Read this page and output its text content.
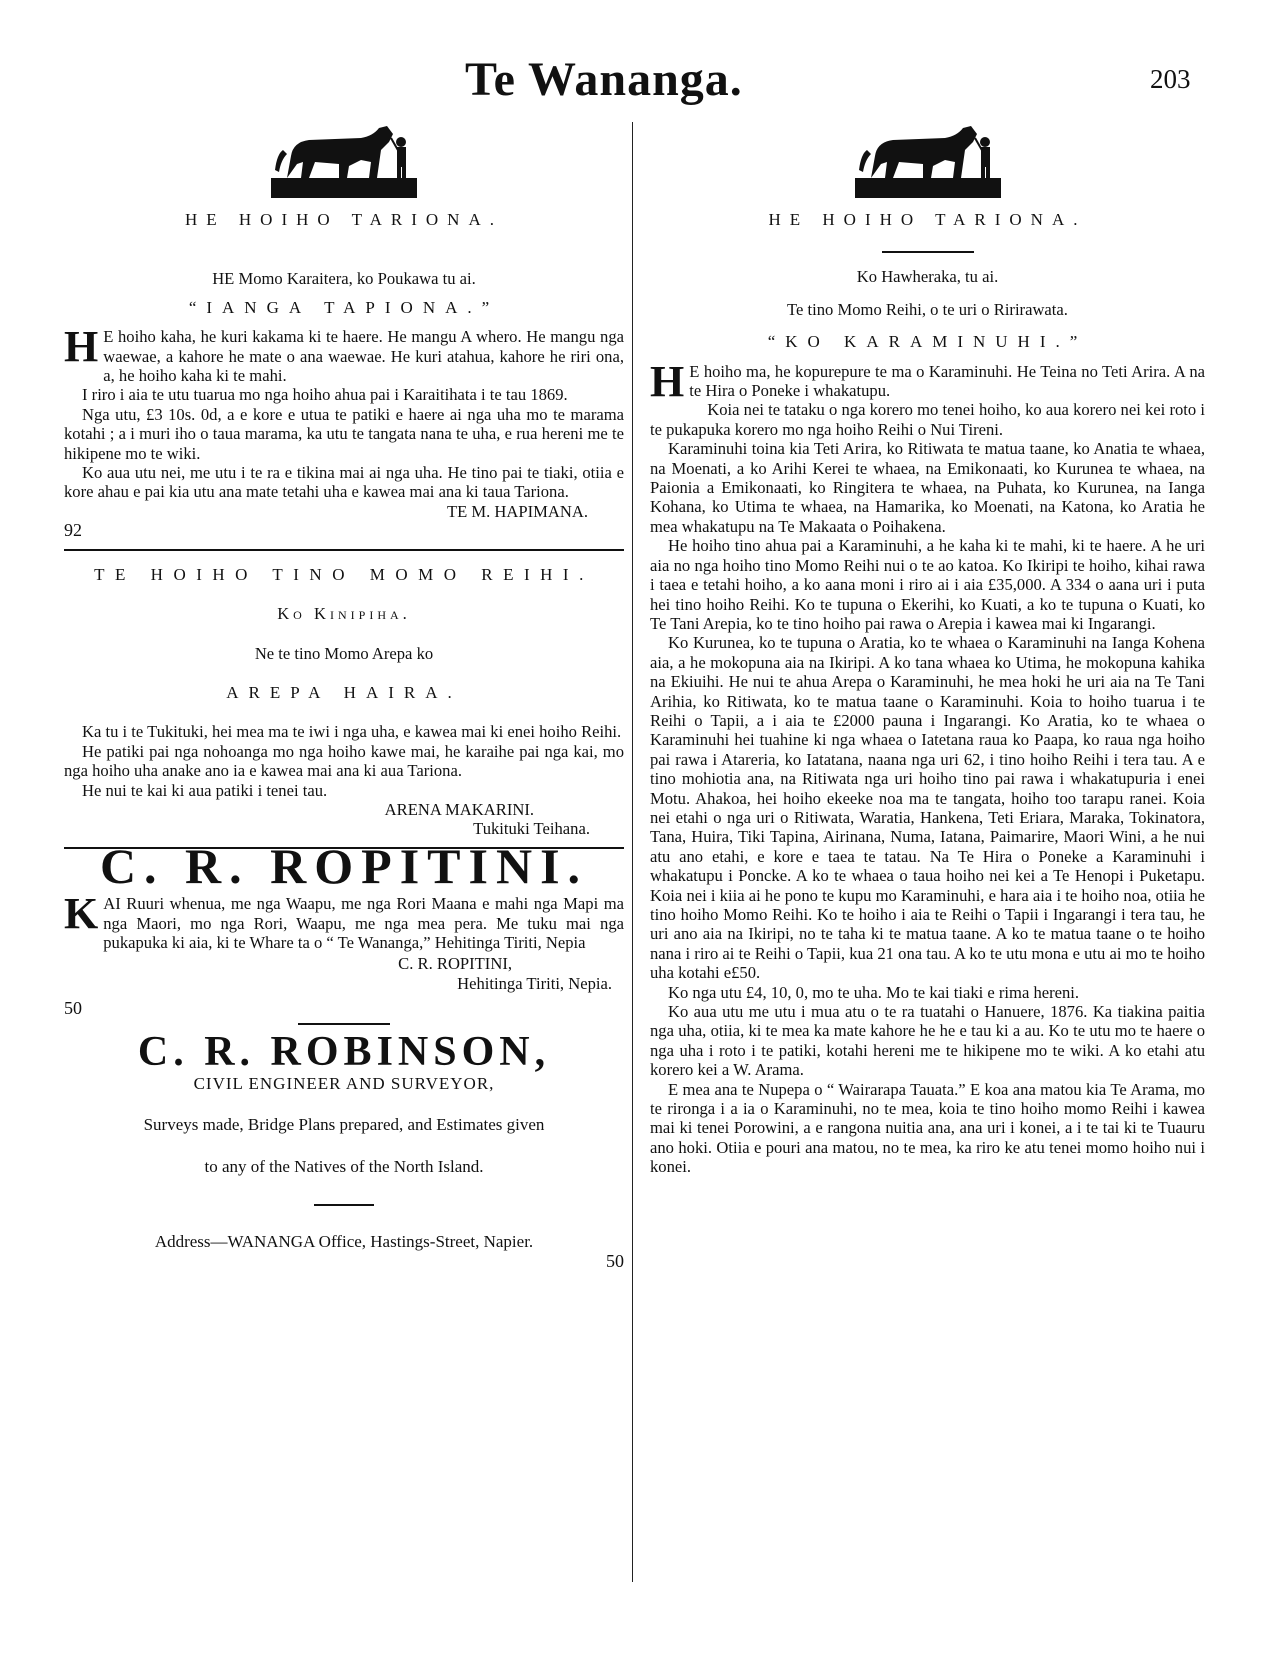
Te Wananga.	203
HE HOIHO TARIONA.
HE Momo Karaitera, ko Poukawa tu ai.
“IANGA TAPIONA.”

H E hoiho kaha, he kuri kakama ki te haere. He mangu A whero. He mangu nga waewae, a kahore he mate o ana waewae. He kuri atahua, kahore he riri ona, a, he hoiho kaha ki te mahi.

I riro i aia te utu tuarua mo nga hoiho ahua pai i Karaitihata i te tau 1869.

Nga utu, £3 10s. 0d, a e kore e utua te patiki e haere ai nga uha mo te marama kotahi ; a i muri iho o taua marama, ka utu te tangata nana te uha, e rua hereni me te hikipene mo te wiki.

Ko aua utu nei, me utu i te ra e tikina mai ai nga uha. He tino pai te tiaki, otiia e kore ahau e pai kia utu ana mate tetahi uha e kawea mai ana ki taua Tariona.

TE M. HAPIMANA.
92
TE HOIHO TINO MOMO REIHI.
Ko Kinipiha.
Ne te tino Momo Arepa ko
AREPA HAIRA.

Ka tu i te Tukituki, hei mea ma te iwi i nga uha, e kawea mai ki enei hoiho Reihi.

He patiki pai nga nohoanga mo nga hoiho kawe mai, he karaihe pai nga kai, mo nga hoiho uha anake ano ia e kawea mai ana ki aua Tariona.

He nui te kai ki aua patiki i tenei tau.

ARENA MAKARINI.
Tukituki Teihana.
C. R. ROPITINI.

KAI Ruuri whenua, me nga Waapu, me nga Rori Maana e mahi nga Mapi ma nga Maori, mo nga Rori, Waapu, me nga mea pera. Me tuku mai nga pukapuka ki aia, ki te Whare ta o “ Te Wananga,” Hehitinga Tiriti, Nepia

C. R. ROPITINI,
Hehitinga Tiriti, Nepia.
50
C. R. ROBINSON,
CIVIL ENGINEER AND SURVEYOR,
Surveys made, Bridge Plans prepared, and Estimates given
to any of the Natives of the North Island.
Address—WANANGA Office, Hastings-Street, Napier.
50
HE HOIHO TARIONA.
Ko Hawheraka, tu ai.
Te tino Momo Reihi, o te uri o Ririrawata.
“KO KARAMINUHI.”

H E hoiho ma, he kopurepure te ma o Karaminuhi. He Teina no Teti Arira. A na te Hira o Poneke i whakatupu.

Koia nei te tataku o nga korero mo tenei hoiho, ko aua korero nei kei roto i te pukapuka korero mo nga hoiho Reihi o Nui Tireni.

Karaminuhi toina kia Teti Arira, ko Ritiwata te matua taane, ko Anatia te whaea, na Moenati, a ko Arihi Kerei te whaea, na Emikonaati, ko Kurunea te whaea, na Paionia a Emikonaati, ko Ringitera te whaea, na Puhata, ko Kurunea, na Ianga Kohana, ko Utima te whaea, na Hamarika, ko Moenati, na Katona, ko Aratia he mea whakatupu na Te Makaata o Poihakena.

He hoiho tino ahua pai a Karaminuhi, a he kaha ki te mahi, ki te haere. A he uri aia no nga hoiho tino Momo Reihi nui o te ao katoa. Ko Ikiripi te hoiho, kihai rawa i taea e tetahi hoiho, a ko aana moni i riro ai i aia £35,000. A 334 o aana uri i puta hei tino hoiho Reihi. Ko te tupuna o Ekerihi, ko Kuati, a ko te tupuna o Kuati, ko Te Tani Arepia, ko te tino hoiho pai rawa o Arepia i kawea mai ki Ingarangi.

Ko Kurunea, ko te tupuna o Aratia, ko te whaea o Karaminuhi na Ianga Kohena aia, a he mokopuna aia na Ikiripi. A ko tana whaea ko Utima, he mokopuna kahika na Ekiuihi. He nui te ahua Arepa o Karaminuhi, he mea hoki he uri aia na Te Tani Arihia, ko Ritiwata, ko te matua taane o Karaminuhi. Koia to hoiho tuarua i te Reihi o Tapii, a i aia te £2000 pauna i Ingarangi. Ko Aratia, ko te whaea o Karaminuhi hei tuahine ki nga whaea o Iatetana raua ko Paapa, ko raua nga hoiho pai rawa i Atareria, ko Iatatana, naana nga uri 62, i tino hoiho Reihi i tera tau. A e tino mohiotia ana, na Ritiwata nga uri hoiho tino pai rawa i whakatupuria i enei Motu. Ahakoa, hei hoiho ekeeke noa ma te tangata, hoiho too tarapu ranei. Koia nei etahi o nga uri o Ritiwata, Waratia, Hankena, Teti Eriara, Maraka, Tokinatora, Tana, Huira, Tiki Tapina, Airinana, Numa, Iatana, Paimarire, Maori Wini, a he nui atu ano etahi, e kore e taea te tatau. Na Te Hira o Poneke a Karaminuhi i whakatupu i Poncke. A ko te whaea o taua hoiho nei kei a Te Henopi i Puketapu. Koia nei i kiia ai he pono te kupu mo Karaminuhi, e hara aia i te hoiho noa, otiia he tino hoiho Momo Reihi. Ko te hoiho i aia te Reihi o Tapii i Ingarangi i tera tau, he uri ano aia na Ikiripi, no te taha ki te matua taane. A ko te matua taane o te hoiho nana i riro ai te Reihi o Tapii, kua 21 ona tau. A ko te utu mona e utu ai mo te hoiho uha kotahi e£50.

Ko nga utu £4, 10, 0, mo te uha. Mo te kai tiaki e rima hereni.

Ko aua utu me utu i mua atu o te ra tuatahi o Hanuere, 1876. Ka tiakina paitia nga uha, otiia, ki te mea ka mate kahore he he e tau ki a au. Ko te utu mo te haere o nga uha i roto i te patiki, kotahi hereni me te hikipene mo te wiki. A ko etahi atu korero kei a W. Arama.

E mea ana te Nupepa o “ Wairarapa Tauata.” E koa ana matou kia Te Arama, mo te rironga i a ia o Karaminuhi, no te mea, koia te tino hoiho momo Reihi i kawea mai ki tenei Porowini, a e rangona nuitia ana, ana uri i konei, a i te tai ki te Tuauru ano hoki. Otiia e pouri ana matou, no te mea, ka riro ke atu tenei momo hoiho nui i konei.
